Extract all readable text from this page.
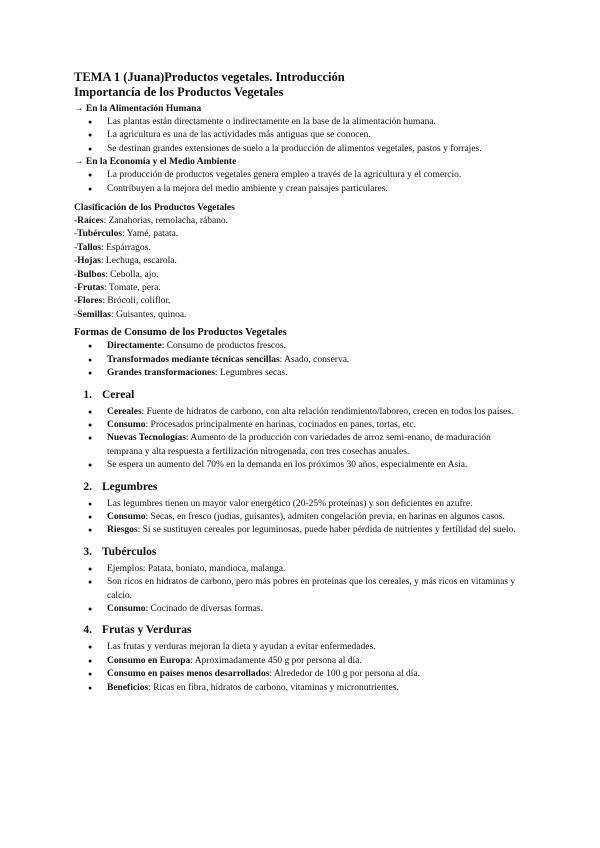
TEMA 1 (Juana)Productos vegetales. Introducción

Importancía de los Productos Vegetales

→ En la Alimentación Humana

● Las plantas están directamente o indirectamente en la base de la alimentación humana.
● La agricultura es una de las actividades más antiguas que se conocen.
● Se destinan grandes extensiones de suelo a la producción de alimentos vegetales, pastos y forrajes.

→ En la Economía y el Medio Ambiente

● La producción de productos vegetales genera empleo a través de la agricultura y el comercio.
● Contribuyen a la mejora del medio ambiente y crean paisajes particulares.

Clasificación de los Productos Vegetales

-Raíces: Zanahorias, remolacha, rábano.

-Tubérculos: Yamé, patata.

-Tallos: Espárragos.

-Hojas: Lechuga, escarola.

-Bulbos: Cebolla, ajo.

-Frutas: Tomate, pera.

-Flores: Brócoli, coliflor.

-Semillas: Guisantes, quinoa.

Formas de Consumo de los Productos Vegetales

● Directamente: Consumo de productos frescos.
● Transformados mediante técnicas sencillas: Asado, conserva.
● Grandes transformaciones: Legumbres secas.
1. Cereal
● Cereales: Fuente de hidratos de carbono, con alta relación rendimiento/laboreo, crecen en todos los países.
● Consumo: Procesados principalmente en harinas, cocinados en panes, tortas, etc.
● Nuevas Tecnologías: Aumento de la producción con variedades de arroz semi-enano, de maduración temprana y alta respuesta a fertilización nitrogenada, con tres cosechas anuales.
● Se espera un aumento del 70% en la demanda en los próximos 30 años, especialmente en Asia.
2. Legumbres
● Las legumbres tienen un mayor valor energético (20-25% proteínas) y son deficientes en azufre.
● Consumo: Secas, en fresco (judías, guisantes), admiten congelación previa, en harinas en algunos casos.
● Riesgos: Si se sustituyen cereales por leguminosas, puede haber pérdida de nutrientes y fertilidad del suelo.
3. Tubérculos
● Ejemplos: Patata, boniato, mandioca, malanga.
● Son ricos en hidratos de carbono, pero más pobres en proteínas que los cereales, y más ricos en vitaminas y calcio.
● Consumo: Cocinado de diversas formas.
4. Frutas y Verduras
● Las frutas y verduras mejoran la dieta y ayudan a evitar enfermedades.
● Consumo en Europa: Aproximadamente 450 g por persona al día.
● Consumo en países menos desarrollados: Alrededor de 100 g por persona al día.
● Beneficios: Ricas en fibra, hidratos de carbono, vitaminas y micronutrientes.
